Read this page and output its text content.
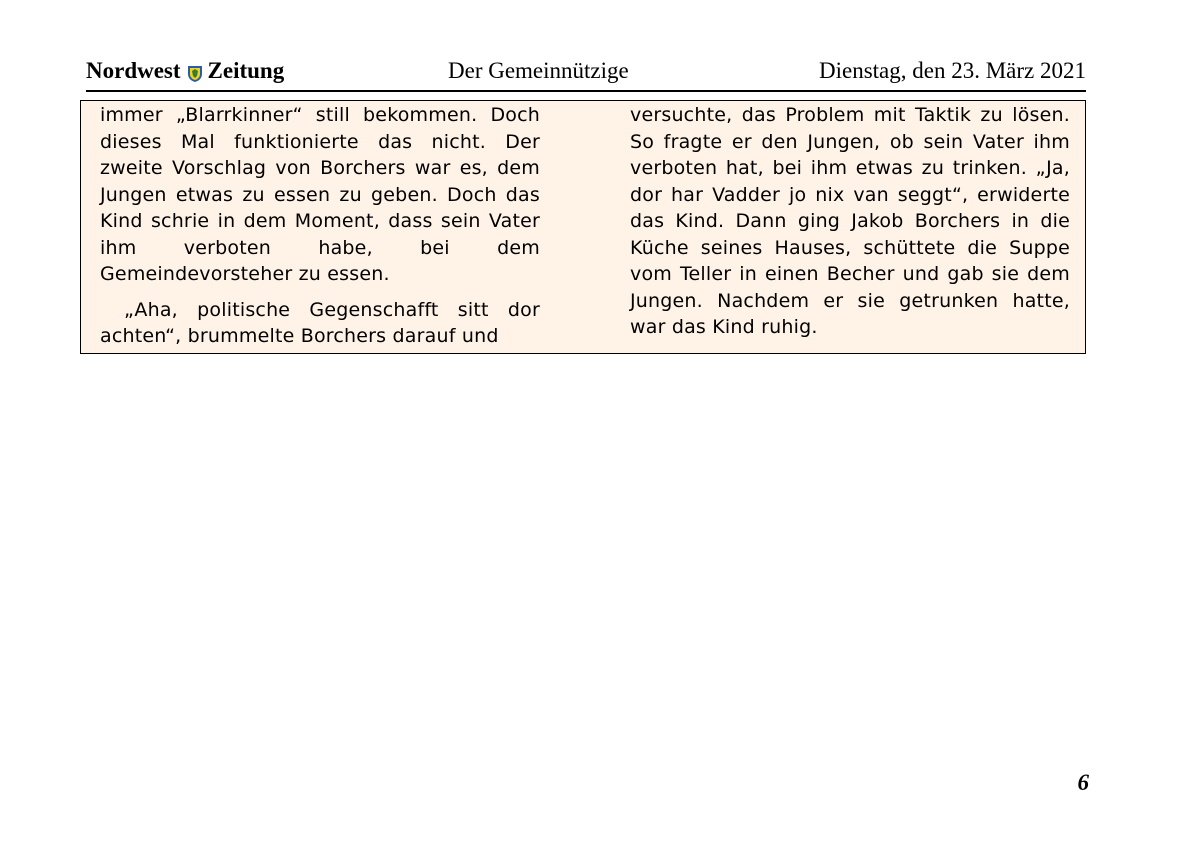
Nordwest Zeitung	Der Gemeinnützige	Dienstag, den 23. März 2021

immer „Blarrkinner“ still bekommen. Doch dieses Mal funktionierte das nicht. Der zweite Vorschlag von Borchers war es, dem Jungen etwas zu essen zu geben. Doch das Kind schrie in dem Moment, dass sein Vater ihm verboten habe, bei dem Gemeindevorsteher zu essen.

„Aha, politische Gegenschafft sitt dor achten“, brummelte Borchers darauf und

versuchte, das Problem mit Taktik zu lösen. So fragte er den Jungen, ob sein Vater ihm verboten hat, bei ihm etwas zu trinken. „Ja, dor har Vadder jo nix van seggt“, erwiderte das Kind. Dann ging Jakob Borchers in die Küche seines Hauses, schüttete die Suppe vom Teller in einen Becher und gab sie dem Jungen. Nachdem er sie getrunken hatte, war das Kind ruhig.

6
